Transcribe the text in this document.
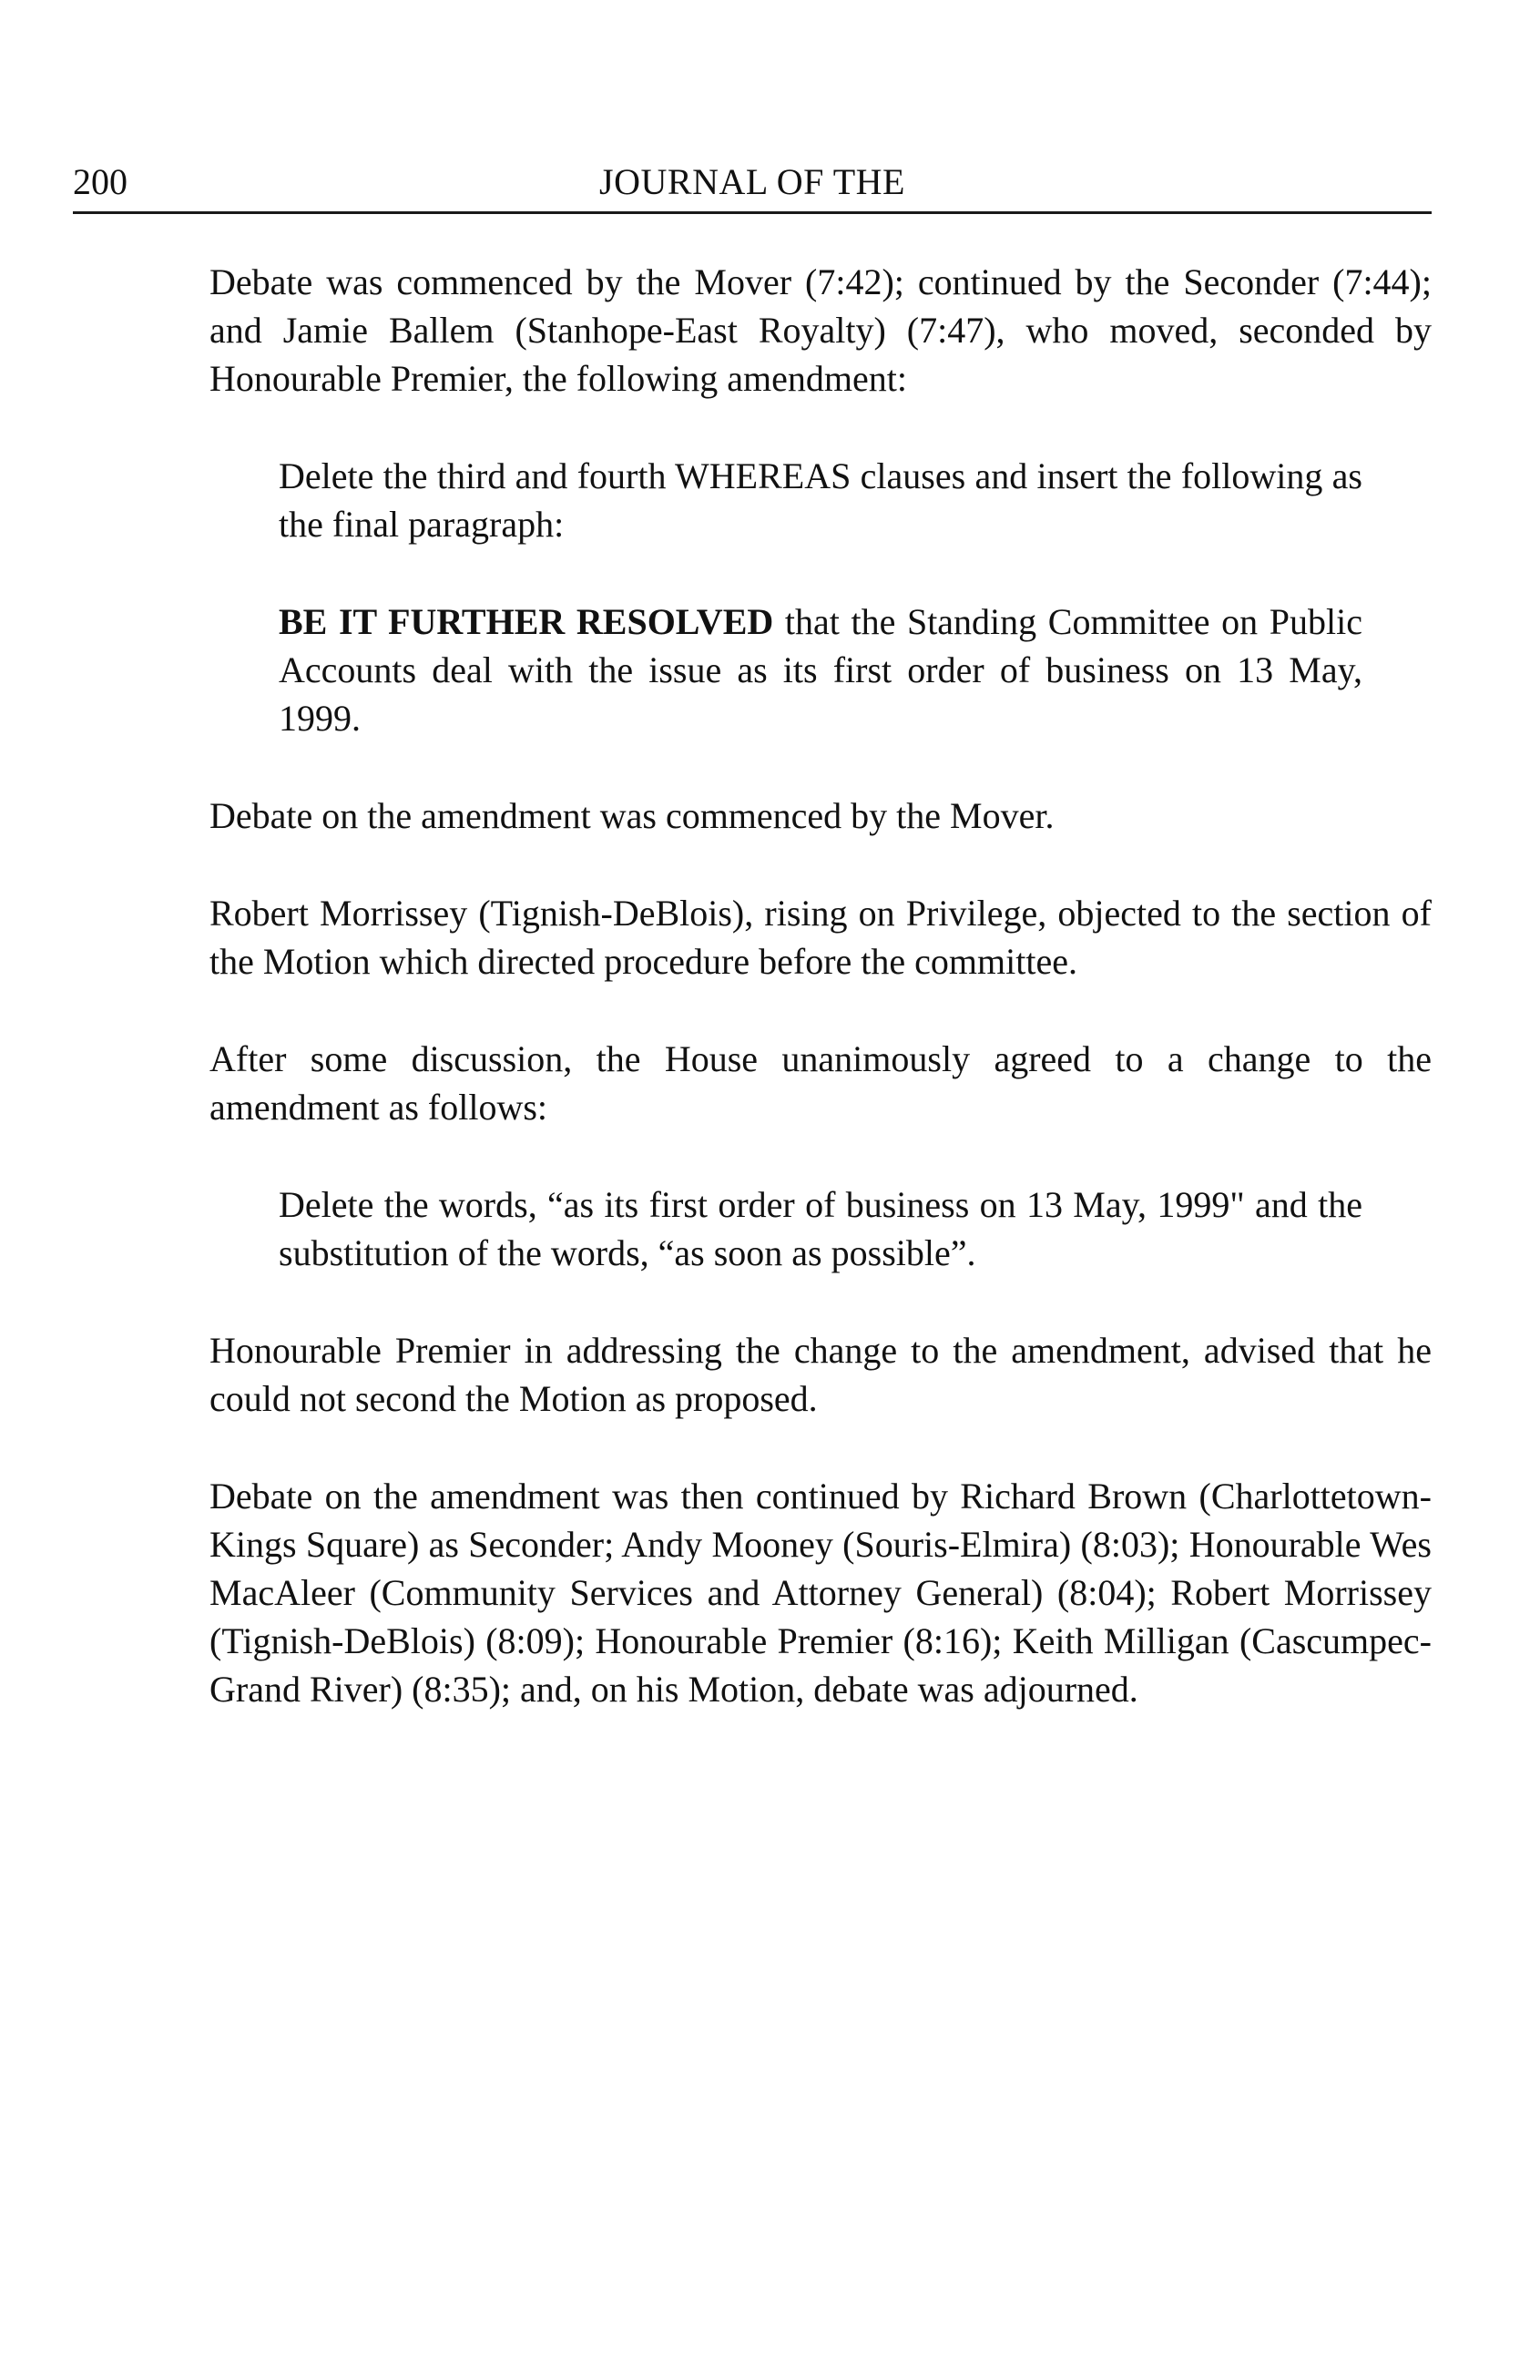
200	JOURNAL OF THE

Debate was commenced by the Mover (7:42); continued by the Seconder (7:44); and Jamie Ballem (Stanhope-East Royalty) (7:47), who moved, seconded by Honourable Premier, the following amendment:

Delete the third and fourth WHEREAS clauses and insert the following as the final paragraph:

BE IT FURTHER RESOLVED that the Standing Committee on Public Accounts deal with the issue as its first order of business on 13 May, 1999.

Debate on the amendment was commenced by the Mover.

Robert Morrissey (Tignish-DeBlois), rising on Privilege, objected to the section of the Motion which directed procedure before the committee.

After some discussion, the House unanimously agreed to a change to the amendment as follows:

Delete the words, “as its first order of business on 13 May, 1999" and the substitution of the words, “as soon as possible”.

Honourable Premier in addressing the change to the amendment, advised that he could not second the Motion as proposed.

Debate on the amendment was then continued by Richard Brown (Charlottetown-Kings Square) as Seconder; Andy Mooney (Souris-Elmira) (8:03); Honourable Wes MacAleer (Community Services and Attorney General) (8:04); Robert Morrissey (Tignish-DeBlois) (8:09); Honourable Premier (8:16); Keith Milligan (Cascumpec-Grand River) (8:35); and, on his Motion, debate was adjourned.
